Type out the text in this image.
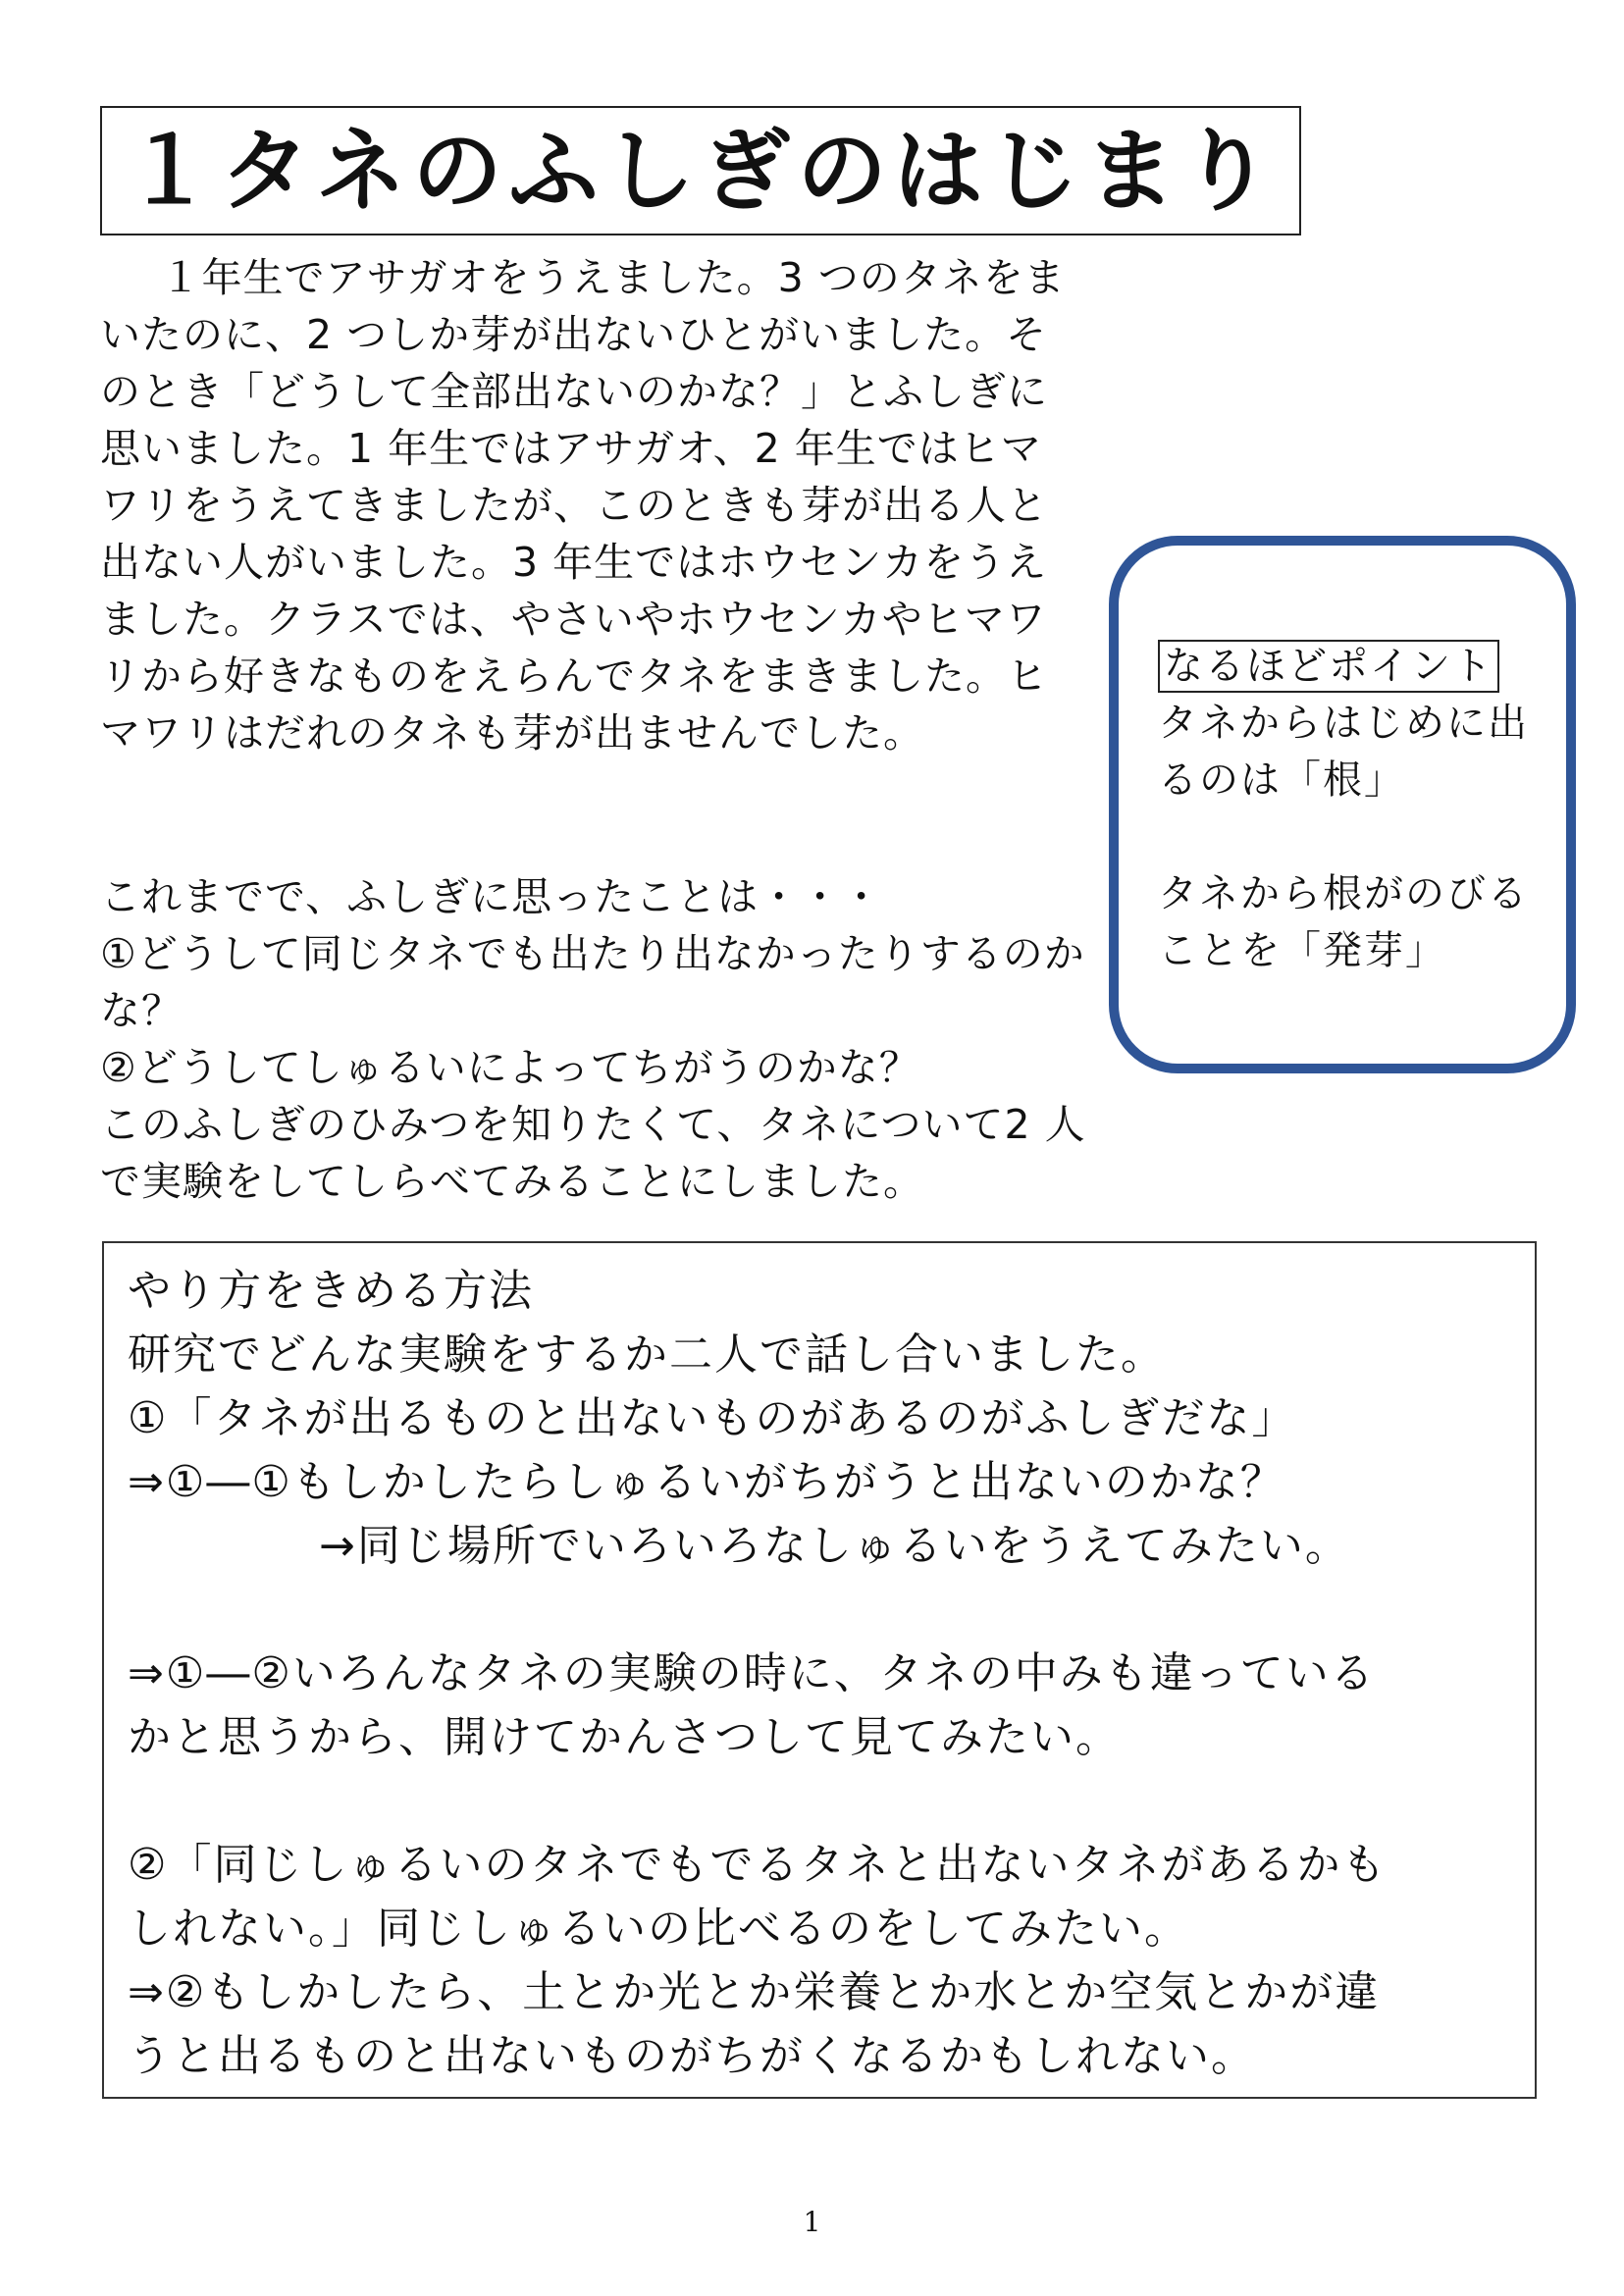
１タネのふしぎのはじまり

１年生でアサガオをうえました。3 つのタネをまいたのに、2 つしか芽が出ないひとがいました。そのとき「どうして全部出ないのかな？」とふしぎに思いました。1 年生ではアサガオ、2 年生ではヒマワリをうえてきましたが、このときも芽が出る人と出ない人がいました。3 年生ではホウセンカをうえました。クラスでは、やさいやホウセンカやヒマワリから好きなものをえらんでタネをまきました。ヒマワリはだれのタネも芽が出ませんでした。

これまでで、ふしぎに思ったことは・・・

①どうして同じタネでも出たり出なかったりするのかな？

②どうしてしゅるいによってちがうのかな？

このふしぎのひみつを知りたくて、タネについて2 人で実験をしてしらべてみることにしました。

なるほどポイント

タネからはじめに出るのは「根」

タネから根がのびることを「発芽」

やり方をきめる方法

研究でどんな実験をするか二人で話し合いました。

①「タネが出るものと出ないものがあるのがふしぎだな」

⇒①―①もしかしたらしゅるいがちがうと出ないのかな？

→同じ場所でいろいろなしゅるいをうえてみたい。

⇒①―②いろんなタネの実験の時に、タネの中みも違っている

かと思うから、開けてかんさつして見てみたい。

②「同じしゅるいのタネでもでるタネと出ないタネがあるかも

しれない。」同じしゅるいの比べるのをしてみたい。

⇒②もしかしたら、土とか光とか栄養とか水とか空気とかが違

うと出るものと出ないものがちがくなるかもしれない。

1
